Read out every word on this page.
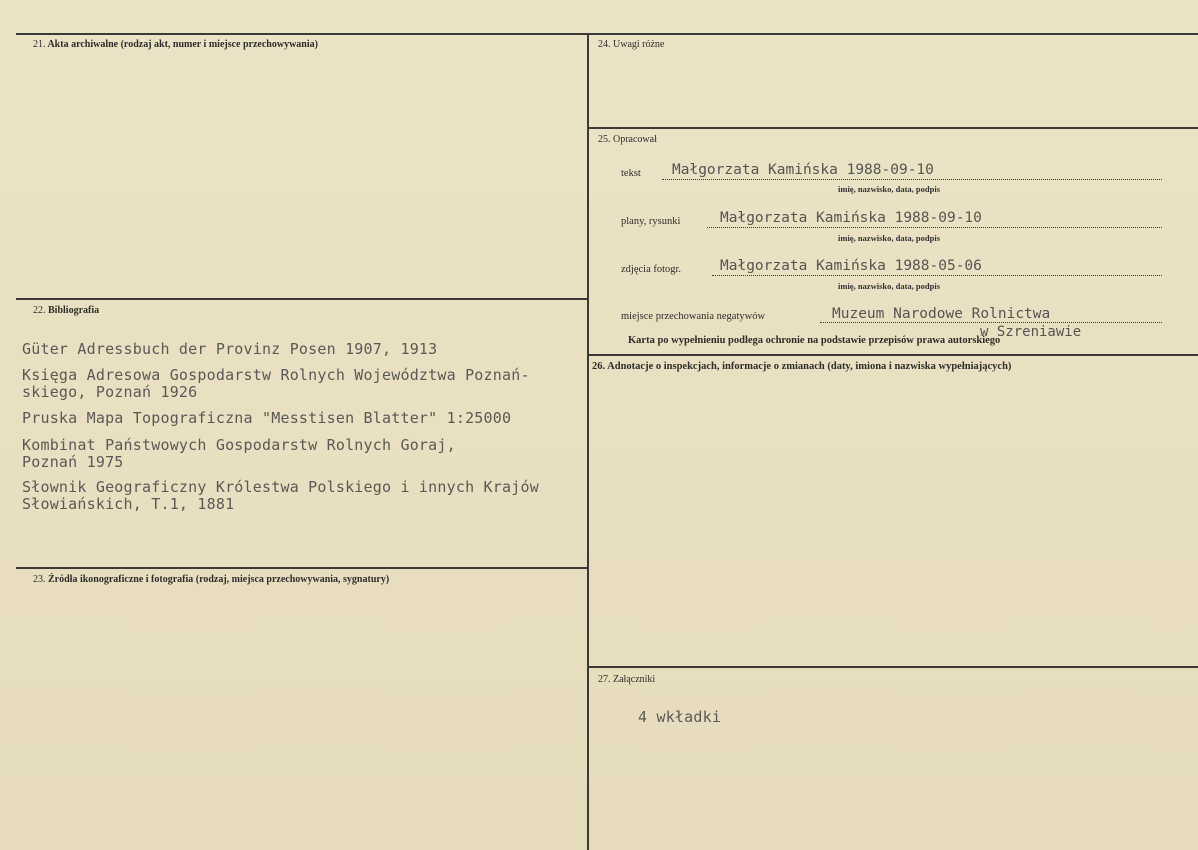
21. Akta archiwalne (rodzaj akt, numer i miejsce przechowywania)
22. Bibliografia
Güter Adressbuch der Provinz Posen 1907, 1913
Księga Adresowa Gospodarstw Rolnych Województwa Poznań-
skiego, Poznań 1926
Pruska Mapa Topograficzna "Messtisen Blatter" 1:25000
Kombinat Państwowych Gospodarstw Rolnych Goraj,
Poznań 1975
Słownik Geograficzny Królestwa Polskiego i innych Krajów
Słowiańskich, T.1, 1881
23. Źródła ikonograficzne i fotografia (rodzaj, miejsca przechowywania, sygnatury)
24. Uwagi różne
25. Opracował
tekst Małgorzata Kamińska 1988-09-10
imię, nazwisko, data, podpis
plany, rysunki	Małgorzata Kamińska 1988-09-10
imię, nazwisko, data, podpis
zdjęcia fotogr.	Małgorzata Kamińska 1988-05-06
imię, nazwisko, data, podpis
miejsce przechowania negatywów	Muzeum Narodowe Rolnictwa
w Szreniawie
Karta po wypełnieniu podlega ochronie na podstawie przepisów prawa autorskiego
26. Adnotacje o inspekcjach, informacje o zmianach (daty, imiona i nazwiska wypełniających)
27. Załączniki
4 wkładki
